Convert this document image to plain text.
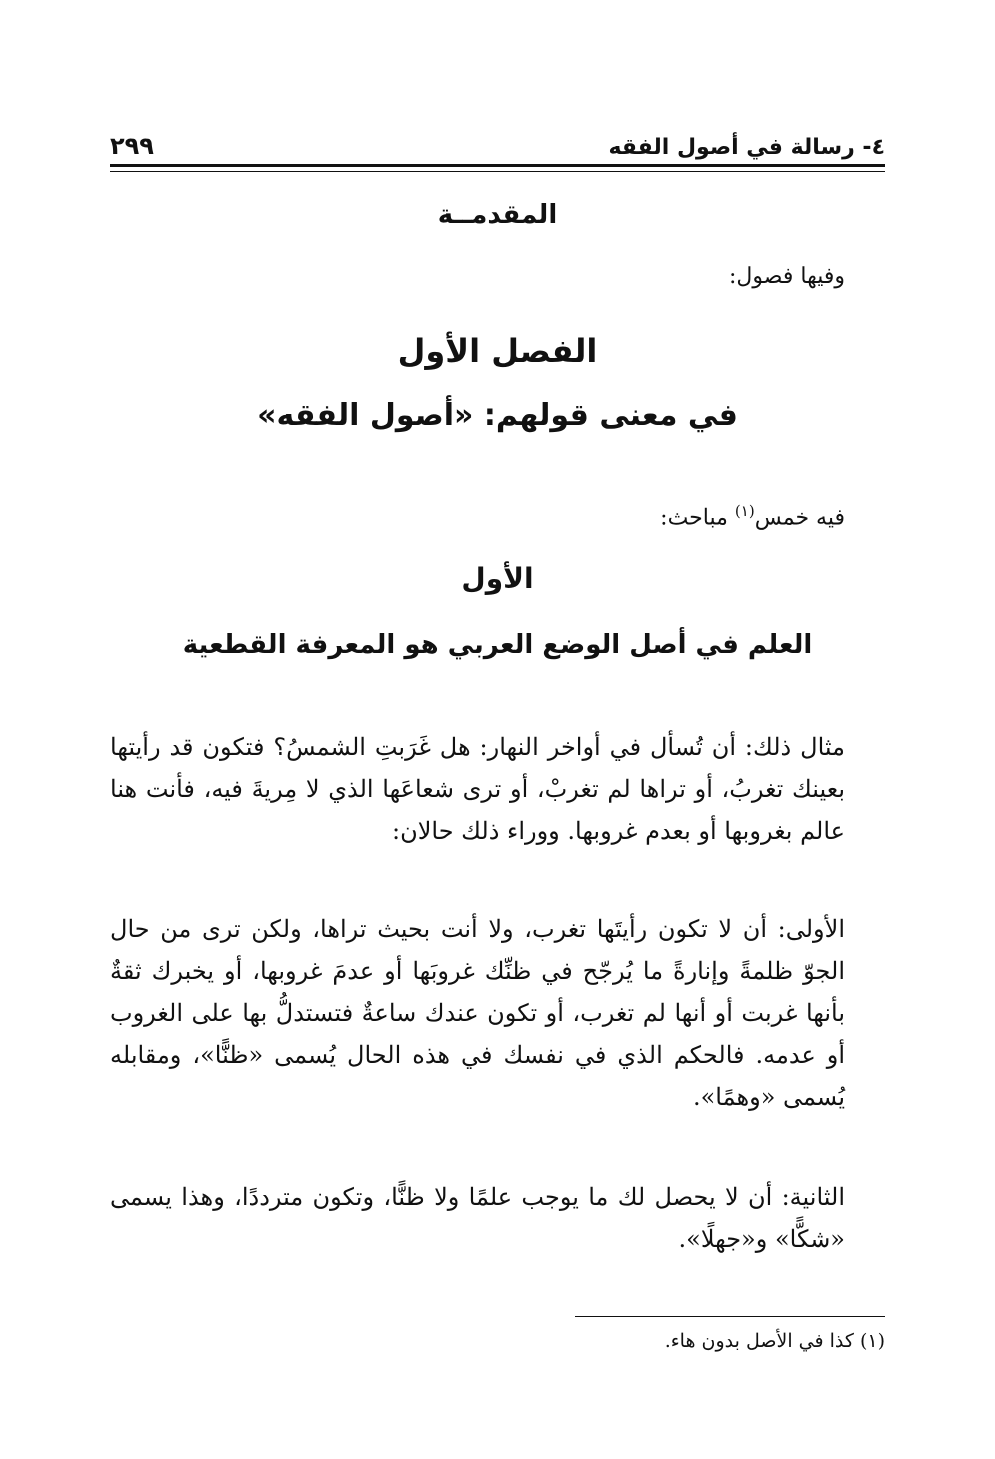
٤- رسالة في أصول الفقه
٢٩٩
المقدمــة
وفيها فصول:
الفصل الأول
في معنى قولهم: «أصول الفقه»
فيه خمس$^{(١)}$ مباحث:
الأول
العلم في أصل الوضع العربي هو المعرفة القطعية
مثال ذلك: أن تُسأل في أواخر النهار: هل غَرَبتِ الشمسُ؟ فتكون قد رأيتها بعينك تغربُ، أو تراها لم تغربْ، أو ترى شعاعَها الذي لا مِريةَ فيه، فأنت هنا عالم بغروبها أو بعدم غروبها. ووراء ذلك حالان:
الأولى: أن لا تكون رأيتَها تغرب، ولا أنت بحيث تراها، ولكن ترى من حال الجوّ ظلمةً وإنارةً ما يُرجّح في ظنِّك غروبَها أو عدمَ غروبها، أو يخبرك ثقةٌ بأنها غربت أو أنها لم تغرب، أو تكون عندك ساعةٌ فتستدلُّ بها على الغروب أو عدمه. فالحكم الذي في نفسك في هذه الحال يُسمى «ظنًّا»، ومقابله يُسمى «وهمًا».
الثانية: أن لا يحصل لك ما يوجب علمًا ولا ظنًّا، وتكون مترددًا، وهذا يسمى «شكًّا» و«جهلًا».
(١) كذا في الأصل بدون هاء.
